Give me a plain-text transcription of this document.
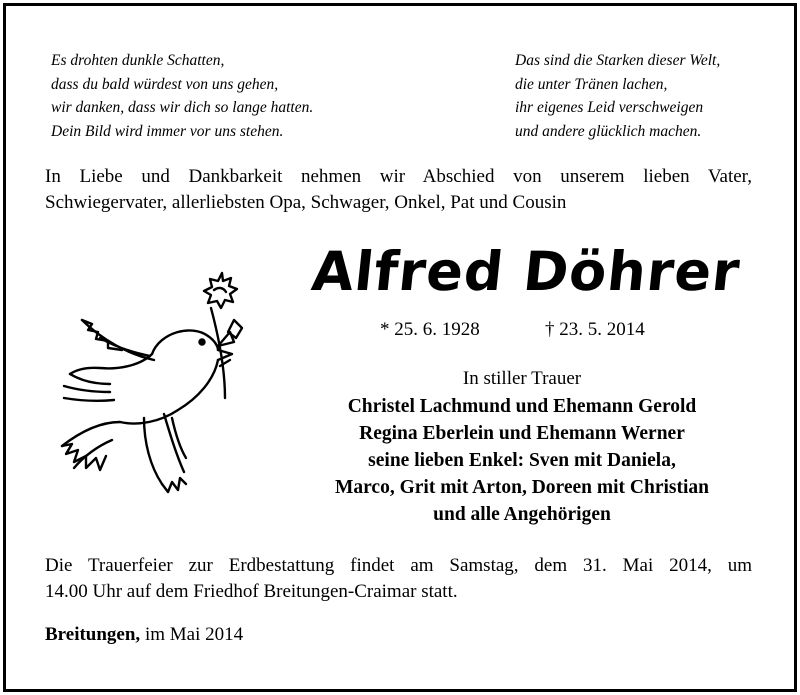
Es drohten dunkle Schatten,
dass du bald würdest von uns gehen,
wir danken, dass wir dich so lange hatten.
Dein Bild wird immer vor uns stehen.
Das sind die Starken dieser Welt,
die unter Tränen lachen,
ihr eigenes Leid verschweigen
und andere glücklich machen.
In Liebe und Dankbarkeit nehmen wir Abschied von unserem lieben Vater,
Schwiegervater, allerliebsten Opa, Schwager, Onkel, Pat und Cousin
Alfred Döhrer
* 25. 6. 1928	† 23. 5. 2014
In stiller Trauer
Christel Lachmund und Ehemann Gerold
Regina Eberlein und Ehemann Werner
seine lieben Enkel: Sven mit Daniela,
Marco, Grit mit Arton, Doreen mit Christian
und alle Angehörigen
Die Trauerfeier zur Erdbestattung findet am Samstag, dem 31. Mai 2014, um
14.00 Uhr auf dem Friedhof Breitungen-Craimar statt.
Breitungen, im Mai 2014
